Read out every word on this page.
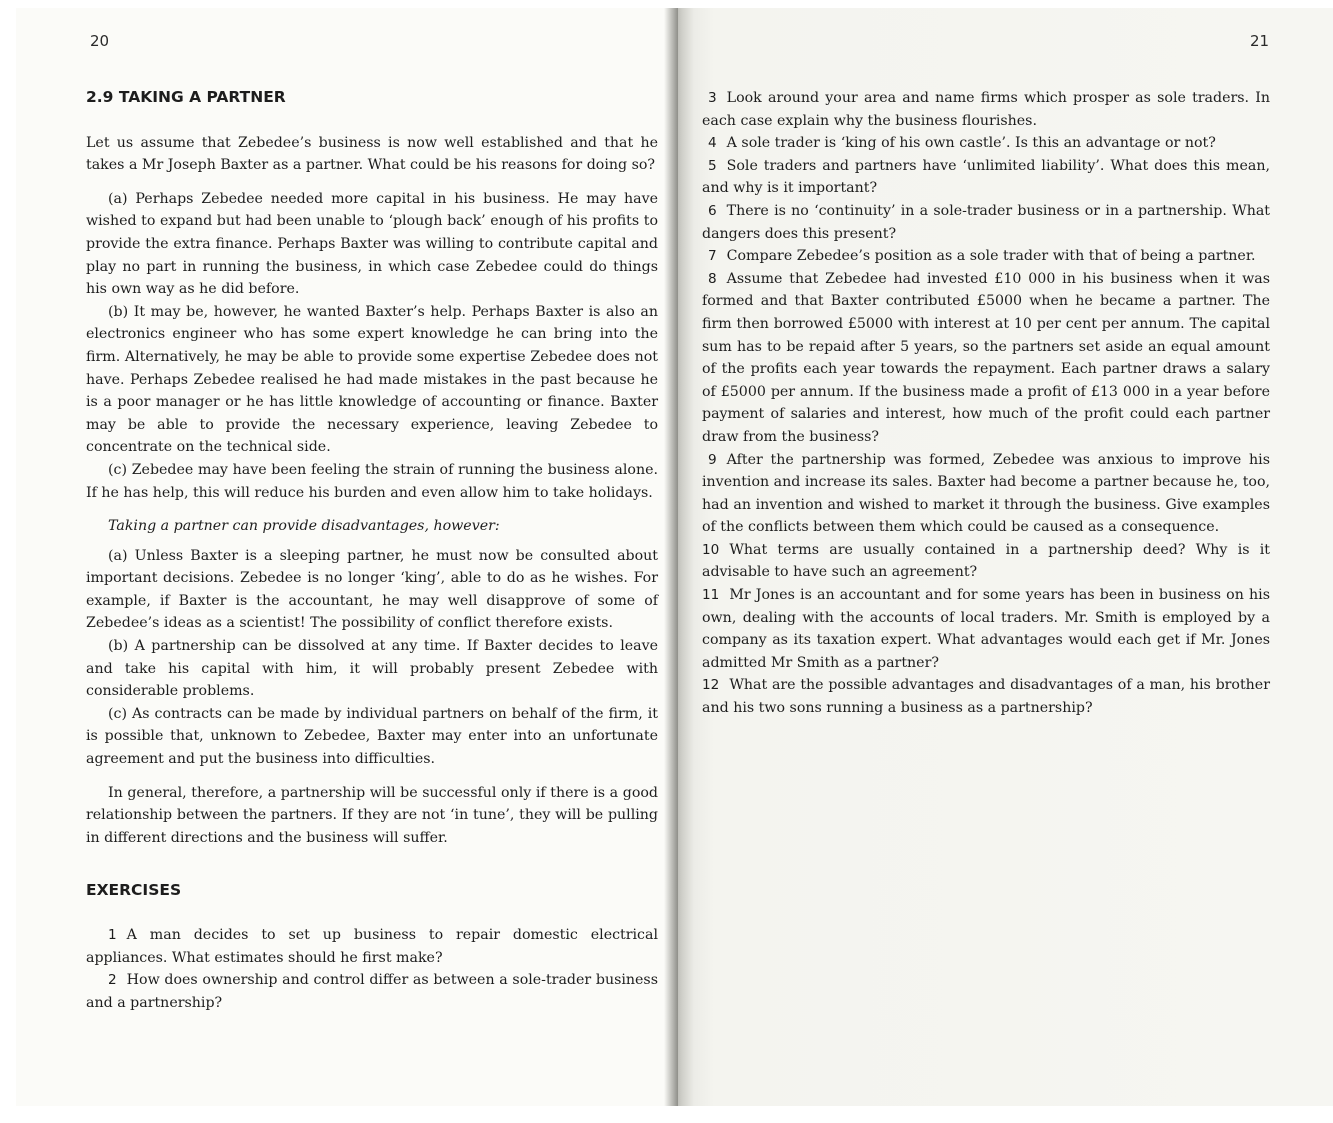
20	21

2.9 TAKING A PARTNER

Let us assume that Zebedee’s business is now well established and that he takes a Mr Joseph Baxter as a partner. What could be his reasons for doing so?

(a) Perhaps Zebedee needed more capital in his business. He may have wished to expand but had been unable to ‘plough back’ enough of his profits to provide the extra finance. Perhaps Baxter was willing to contribute capital and play no part in running the business, in which case Zebedee could do things his own way as he did before.

(b) It may be, however, he wanted Baxter’s help. Perhaps Baxter is also an electronics engineer who has some expert knowledge he can bring into the firm. Alternatively, he may be able to provide some expertise Zebedee does not have. Perhaps Zebedee realised he had made mistakes in the past because he is a poor manager or he has little knowledge of accounting or finance. Baxter may be able to provide the necessary experience, leaving Zebedee to concentrate on the technical side.

(c) Zebedee may have been feeling the strain of running the business alone. If he has help, this will reduce his burden and even allow him to take holidays.

Taking a partner can provide disadvantages, however:

(a) Unless Baxter is a sleeping partner, he must now be consulted about important decisions. Zebedee is no longer ‘king’, able to do as he wishes. For example, if Baxter is the accountant, he may well disapprove of some of Zebedee’s ideas as a scientist! The possibility of conflict therefore exists.

(b) A partnership can be dissolved at any time. If Baxter decides to leave and take his capital with him, it will probably present Zebedee with considerable problems.

(c) As contracts can be made by individual partners on behalf of the firm, it is possible that, unknown to Zebedee, Baxter may enter into an unfortunate agreement and put the business into difficulties.

In general, therefore, a partnership will be successful only if there is a good relationship between the partners. If they are not ‘in tune’, they will be pulling in different directions and the business will suffer.

EXERCISES

1 A man decides to set up business to repair domestic electrical appliances. What estimates should he first make?

2 How does ownership and control differ as between a sole-trader business and a partnership?

3 Look around your area and name firms which prosper as sole traders. In each case explain why the business flourishes.

4 A sole trader is ‘king of his own castle’. Is this an advantage or not?

5 Sole traders and partners have ‘unlimited liability’. What does this mean, and why is it important?

6 There is no ‘continuity’ in a sole-trader business or in a partnership. What dangers does this present?

7 Compare Zebedee’s position as a sole trader with that of being a partner.

8 Assume that Zebedee had invested £10 000 in his business when it was formed and that Baxter contributed £5000 when he became a partner. The firm then borrowed £5000 with interest at 10 per cent per annum. The capital sum has to be repaid after 5 years, so the partners set aside an equal amount of the profits each year towards the repayment. Each partner draws a salary of £5000 per annum. If the business made a profit of £13 000 in a year before payment of salaries and interest, how much of the profit could each partner draw from the business?

9 After the partnership was formed, Zebedee was anxious to improve his invention and increase its sales. Baxter had become a partner because he, too, had an invention and wished to market it through the business. Give examples of the conflicts between them which could be caused as a consequence.

10 What terms are usually contained in a partnership deed? Why is it advisable to have such an agreement?

11 Mr Jones is an accountant and for some years has been in business on his own, dealing with the accounts of local traders. Mr. Smith is employed by a company as its taxation expert. What advantages would each get if Mr. Jones admitted Mr Smith as a partner?

12 What are the possible advantages and disadvantages of a man, his brother and his two sons running a business as a partnership?
